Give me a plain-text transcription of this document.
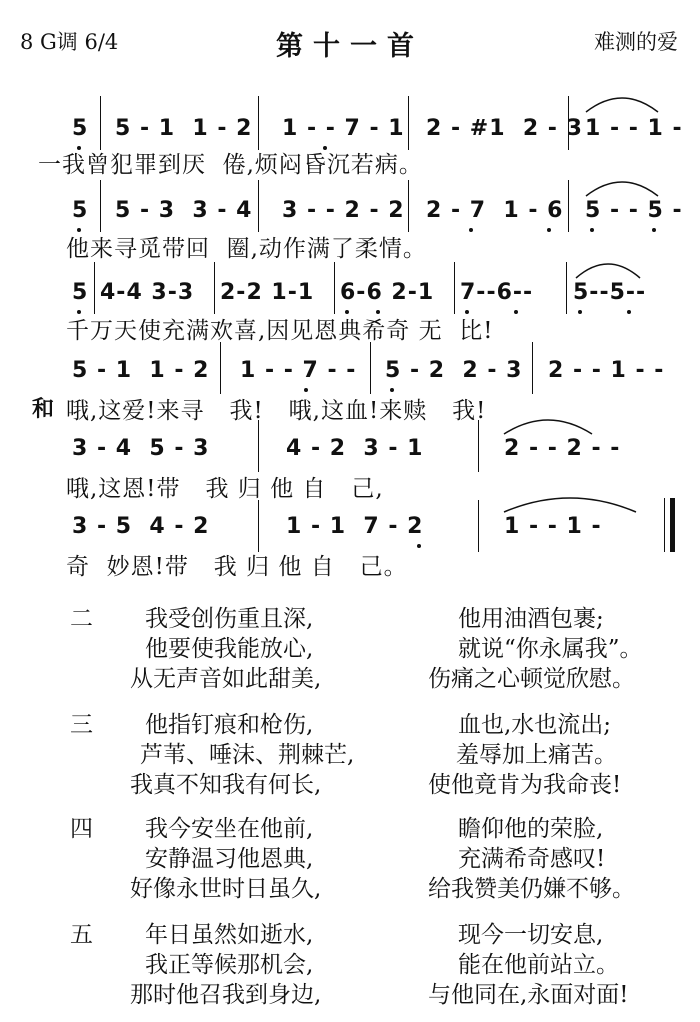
8 G调 6/4	第十一首	难测的爱
5 5 - 1  1 - 2 1 - - 7 - 1 2 - #1  2 - 3 1 - - 1 -
一我曾犯罪到厌  倦,烦闷昏沉若病。
5 5 - 3  3 - 4 3 - - 2 - 2 2 - 7  1 - 6 5 - - 5 -
他来寻觅带回  圈,动作满了柔情。
5 4-4 3-3 2-2 1-1 6-6 2-1 7--6-- 5--5--
千万天使充满欢喜,因见恩典希奇 无  比!
和
5 - 1  1 - 2 1 - - 7 - - 5 - 2  2 - 3 2 - - 1 - -
哦,这爱!来寻   我!   哦,这血!来赎   我!
3 - 4  5 - 3	4 - 2  3 - 1	2 - - 2 - -
哦,这恩!带   我 归 他 自   己,
3 - 5  4 - 2	1 - 1  7 - 2	1 - - 1 -
奇  妙恩!带   我 归 他 自   己。
二 我受创伤重且深,	他用油酒包裹;
他要使我能放心,	就说“你永属我”。
从无声音如此甜美,	伤痛之心顿觉欣慰。
三 他指钉痕和枪伤,	血也,水也流出;
芦苇、唾沫、荆棘芒,	羞辱加上痛苦。
我真不知我有何长,	使他竟肯为我命丧!
四 我今安坐在他前,	瞻仰他的荣脸,
安静温习他恩典,	充满希奇感叹!
好像永世时日虽久,	给我赞美仍嫌不够。
五 年日虽然如逝水,	现今一切安息,
我正等候那机会,	能在他前站立。
那时他召我到身边,	与他同在,永面对面!
